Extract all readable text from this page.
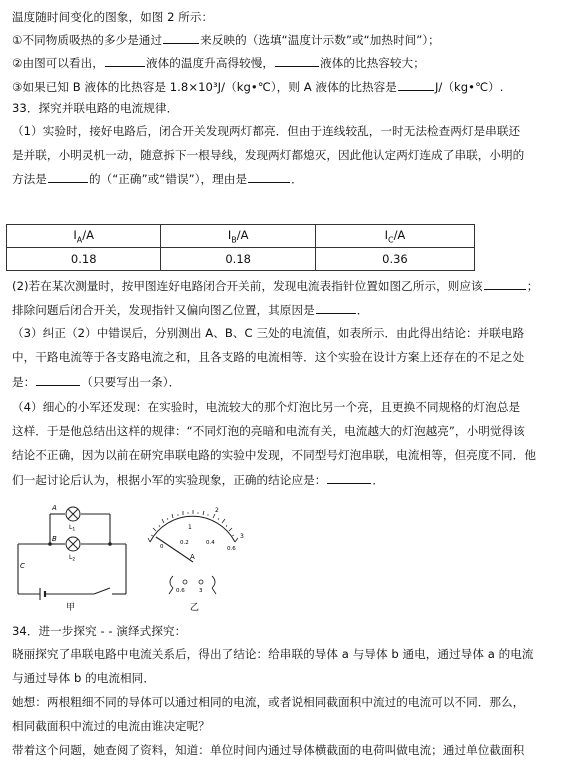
温度随时间变化的图象，如图 2 所示：
①不同物质吸热的多少是通过	来反映的（选填“温度计示数”或“加热时间”）；
②由图可以看出，	液体的温度升高得较慢，	液体的比热容较大；
③如果已知 B 液体的比热容是 1.8×10³J/（kg•℃），则 A 液体的比热容是	J/（kg•℃）.
33．探究并联电路的电流规律．
（1）实验时，接好电路后，闭合开关发现两灯都亮．但由于连线较乱，一时无法检查两灯是串联还
是并联，小明灵机一动，随意拆下一根导线，发现两灯都熄灭，因此他认定两灯连成了串联，小明的
方法是	的（“正确”或“错误”），理由是	．
$I_A/A$	$I_B/A$	$I_C/A$
0.18	0.18	0.36
(2)若在某次测量时，按甲图连好电路闭合开关前，发现电流表指针位置如图乙所示，则应该	；
排除问题后闭合开关，发现指针又偏向图乙位置，其原因是	．
（3）纠正（2）中错误后，分别测出 A、B、C 三处的电流值，如表所示．由此得出结论：并联电路
中，干路电流等于各支路电流之和，且各支路的电流相等．这个实验在设计方案上还存在的不足之处
是：	（只要写出一条）．
（4）细心的小军还发现：在实验时，电流较大的那个灯泡比另一个亮，且更换不同规格的灯泡总是
这样．于是他总结出这样的规律：“不同灯泡的亮暗和电流有关，电流越大的灯泡越亮”，小明觉得该
结论不正确，因为以前在研究串联电路的实验中发现，不同型号灯泡串联，电流相等，但亮度不同．他
们一起讨论后认为，根据小军的实验现象，正确的结论应是：	．
A
B
C
$L_1$
$L_2$
甲
0.2	0.4
0	0.6
1
2
3
A
0.6	3
乙
34．进一步探究 - - 演绎式探究：
晓丽探究了串联电路中电流关系后，得出了结论：给串联的导体 a 与导体 b 通电，通过导体 a 的电流
与通过导体 b 的电流相同．
她想：两根粗细不同的导体可以通过相同的电流，或者说相同截面积中流过的电流可以不同．那么，
相同截面积中流过的电流由谁决定呢？
带着这个问题，她查阅了资料，知道：单位时间内通过导体横截面的电荷叫做电流；通过单位截面积
